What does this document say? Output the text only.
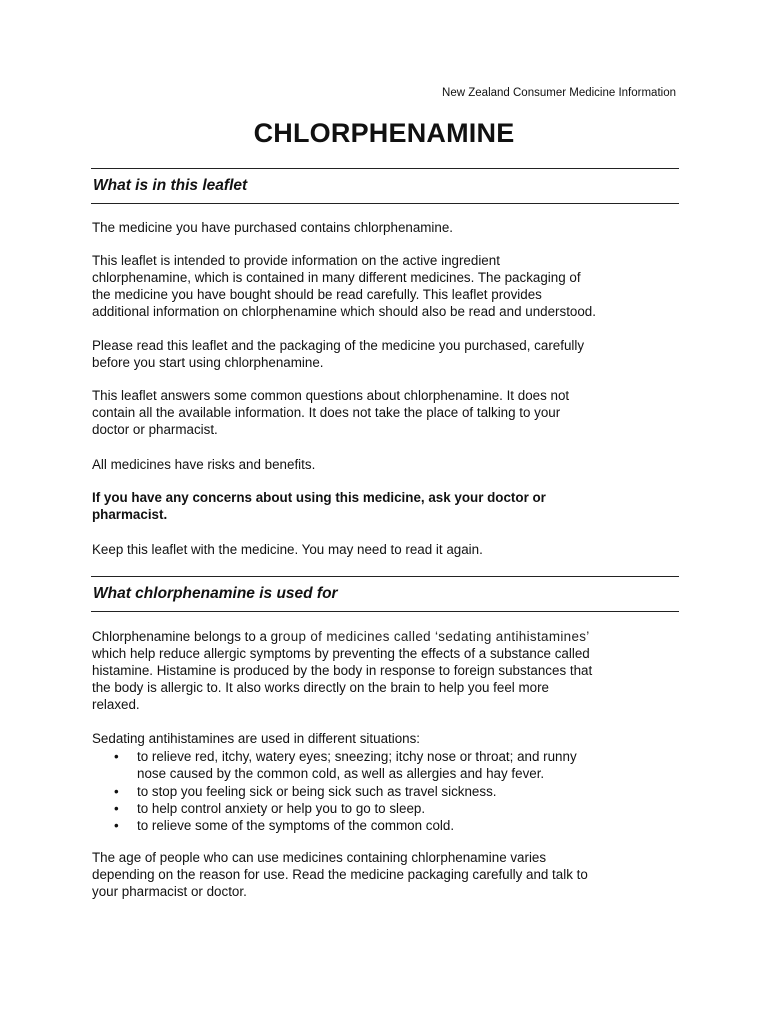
New Zealand Consumer Medicine Information
CHLORPHENAMINE
What is in this leaflet

The medicine you have purchased contains chlorphenamine.

This leaflet is intended to provide information on the active ingredient
chlorphenamine, which is contained in many different medicines. The packaging of
the medicine you have bought should be read carefully. This leaflet provides
additional information on chlorphenamine which should also be read and understood.

Please read this leaflet and the packaging of the medicine you purchased, carefully
before you start using chlorphenamine.

This leaflet answers some common questions about chlorphenamine. It does not
contain all the available information. It does not take the place of talking to your
doctor or pharmacist.

All medicines have risks and benefits.

If you have any concerns about using this medicine, ask your doctor or
pharmacist.

Keep this leaflet with the medicine. You may need to read it again.

What chlorphenamine is used for

Chlorphenamine belongs to a group of medicines called ‘sedating antihistamines’
which help reduce allergic symptoms by preventing the effects of a substance called
histamine. Histamine is produced by the body in response to foreign substances that
the body is allergic to. It also works directly on the brain to help you feel more
relaxed.

Sedating antihistamines are used in different situations:

• to relieve red, itchy, watery eyes; sneezing; itchy nose or throat; and runny
nose caused by the common cold, as well as allergies and hay fever.
• to stop you feeling sick or being sick such as travel sickness.
• to help control anxiety or help you to go to sleep.
• to relieve some of the symptoms of the common cold.

The age of people who can use medicines containing chlorphenamine varies
depending on the reason for use. Read the medicine packaging carefully and talk to
your pharmacist or doctor.
